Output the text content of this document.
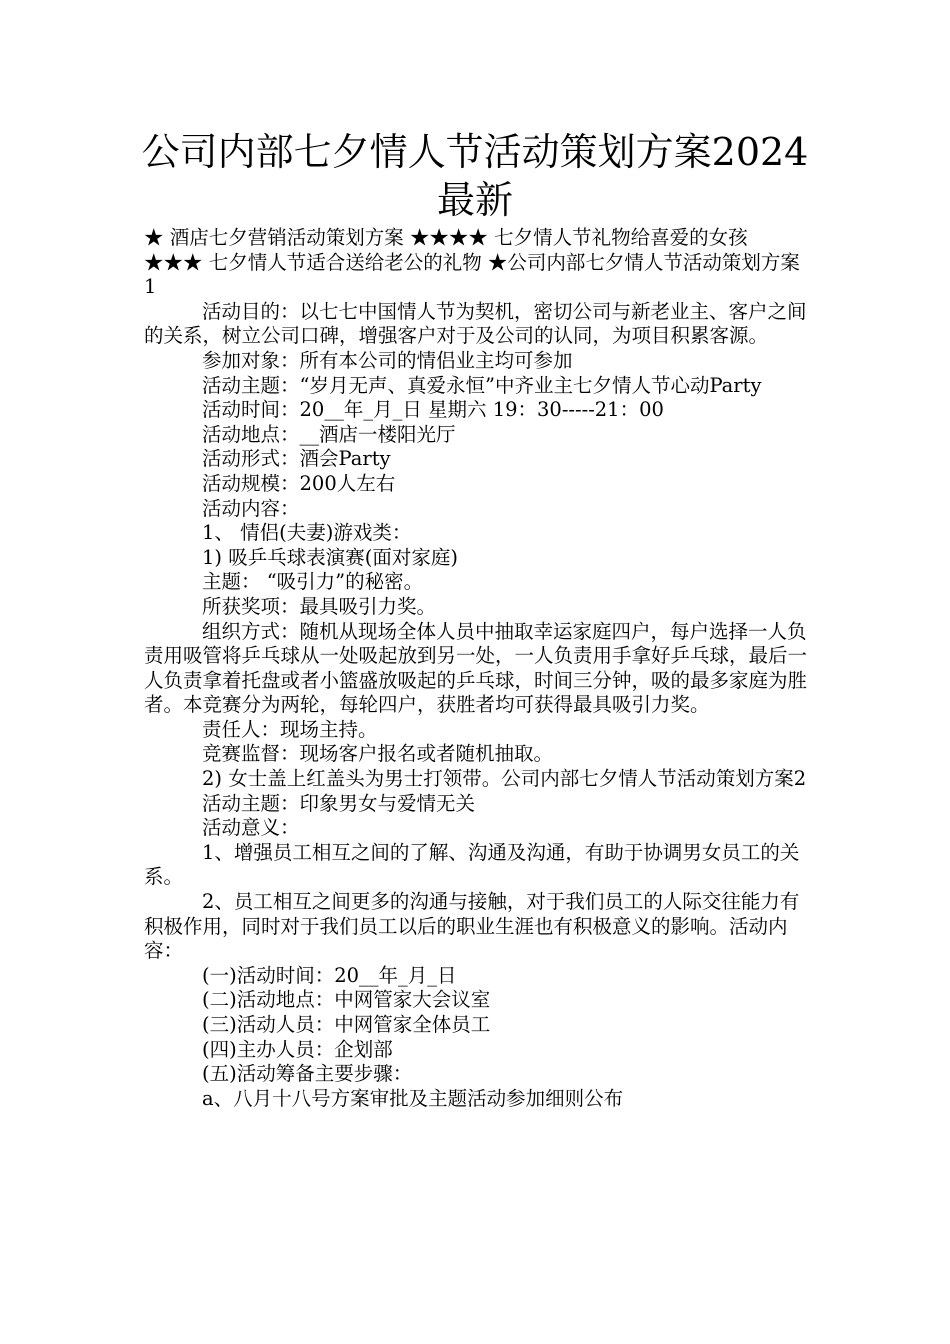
公司内部七夕情人节活动策划方案2024最新

★ 酒店七夕营销活动策划方案 ★★★★ 七夕情人节礼物给喜爱的女孩 ★★★ 七夕情人节适合送给老公的礼物 ★公司内部七夕情人节活动策划方案1

活动目的：以七七中国情人节为契机，密切公司与新老业主、客户之间的关系，树立公司口碑，增强客户对于及公司的认同，为项目积累客源。

参加对象：所有本公司的情侣业主均可参加

活动主题：“岁月无声、真爱永恒”中齐业主七夕情人节心动Party

活动时间：20__年_月_日 星期六 19：30-----21：00

活动地点：__酒店一楼阳光厅

活动形式：酒会Party

活动规模：200人左右

活动内容：

1、 情侣(夫妻)游戏类：

1) 吸乒乓球表演赛(面对家庭)

主题： “吸引力”的秘密。

所获奖项：最具吸引力奖。

组织方式：随机从现场全体人员中抽取幸运家庭四户，每户选择一人负责用吸管将乒乓球从一处吸起放到另一处，一人负责用手拿好乒乓球，最后一人负责拿着托盘或者小篮盛放吸起的乒乓球，时间三分钟，吸的最多家庭为胜者。本竞赛分为两轮，每轮四户，获胜者均可获得最具吸引力奖。

责任人：现场主持。

竞赛监督：现场客户报名或者随机抽取。

2) 女士盖上红盖头为男士打领带。公司内部七夕情人节活动策划方案2

活动主题：印象男女与爱情无关

活动意义：

1、增强员工相互之间的了解、沟通及沟通，有助于协调男女员工的关系。

2、员工相互之间更多的沟通与接触，对于我们员工的人际交往能力有积极作用，同时对于我们员工以后的职业生涯也有积极意义的影响。活动内容：

(一)活动时间：20__年_月_日

(二)活动地点：中网管家大会议室

(三)活动人员：中网管家全体员工

(四)主办人员：企划部

(五)活动筹备主要步骤：

a、八月十八号方案审批及主题活动参加细则公布
